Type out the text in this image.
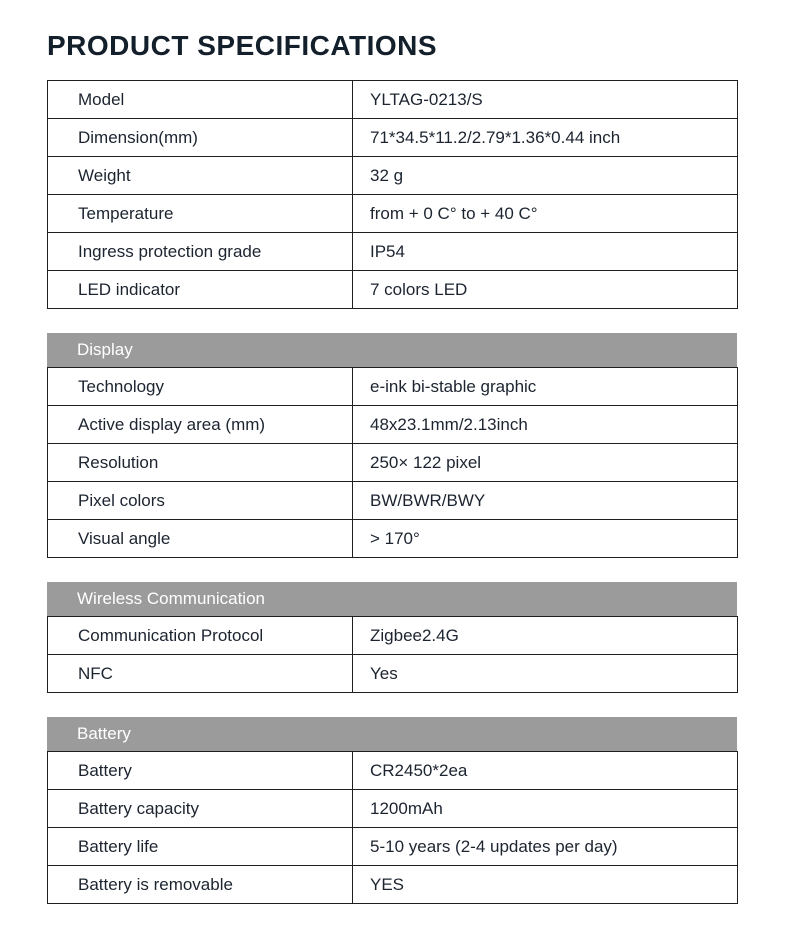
PRODUCT SPECIFICATIONS
Model	YLTAG-0213/S
Dimension(mm)	71*34.5*11.2/2.79*1.36*0.44 inch
Weight	32 g
Temperature	from + 0 C° to + 40 C°
Ingress protection grade	IP54
LED indicator	7 colors LED
Display
Technology	e-ink bi-stable graphic
Active display area (mm)	48x23.1mm/2.13inch
Resolution	250× 122 pixel
Pixel colors	BW/BWR/BWY
Visual angle	> 170°
Wireless Communication
Communication Protocol	Zigbee2.4G
NFC	Yes
Battery
Battery	CR2450*2ea
Battery capacity	1200mAh
Battery life	5-10 years (2-4 updates per day)
Battery is removable	YES
